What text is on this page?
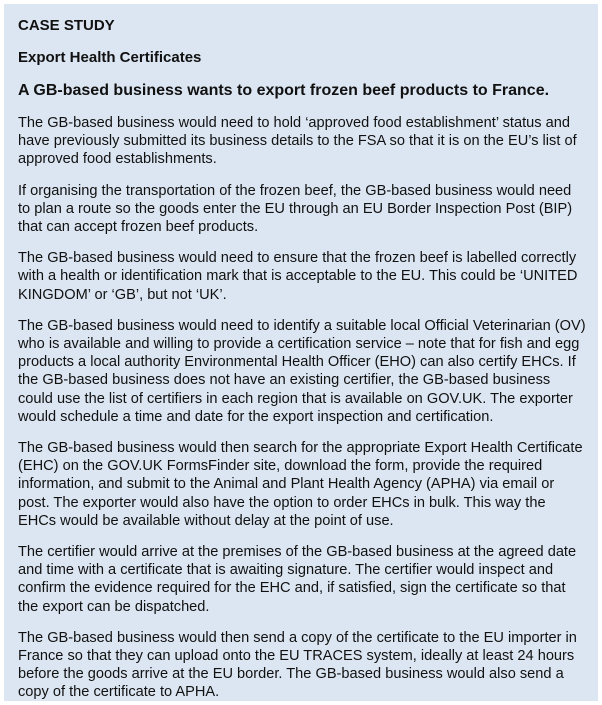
CASE STUDY
Export Health Certificates
A GB-based business wants to export frozen beef products to France.

The GB-based business would need to hold ‘approved food establishment’ status and have previously submitted its business details to the FSA so that it is on the EU’s list of approved food establishments.

If organising the transportation of the frozen beef, the GB-based business would need to plan a route so the goods enter the EU through an EU Border Inspection Post (BIP) that can accept frozen beef products.

The GB-based business would need to ensure that the frozen beef is labelled correctly with a health or identification mark that is acceptable to the EU. This could be ‘UNITED KINGDOM’ or ‘GB’, but not ‘UK’.

The GB-based business would need to identify a suitable local Official Veterinarian (OV) who is available and willing to provide a certification service – note that for fish and egg products a local authority Environmental Health Officer (EHO) can also certify EHCs. If the GB-based business does not have an existing certifier, the GB-based business could use the list of certifiers in each region that is available on GOV.UK. The exporter would schedule a time and date for the export inspection and certification.

The GB-based business would then search for the appropriate Export Health Certificate (EHC) on the GOV.UK FormsFinder site, download the form, provide the required information, and submit to the Animal and Plant Health Agency (APHA) via email or post. The exporter would also have the option to order EHCs in bulk. This way the EHCs would be available without delay at the point of use.

The certifier would arrive at the premises of the GB-based business at the agreed date and time with a certificate that is awaiting signature. The certifier would inspect and confirm the evidence required for the EHC and, if satisfied, sign the certificate so that the export can be dispatched.

The GB-based business would then send a copy of the certificate to the EU importer in France so that they can upload onto the EU TRACES system, ideally at least 24 hours before the goods arrive at the EU border. The GB-based business would also send a copy of the certificate to APHA.
